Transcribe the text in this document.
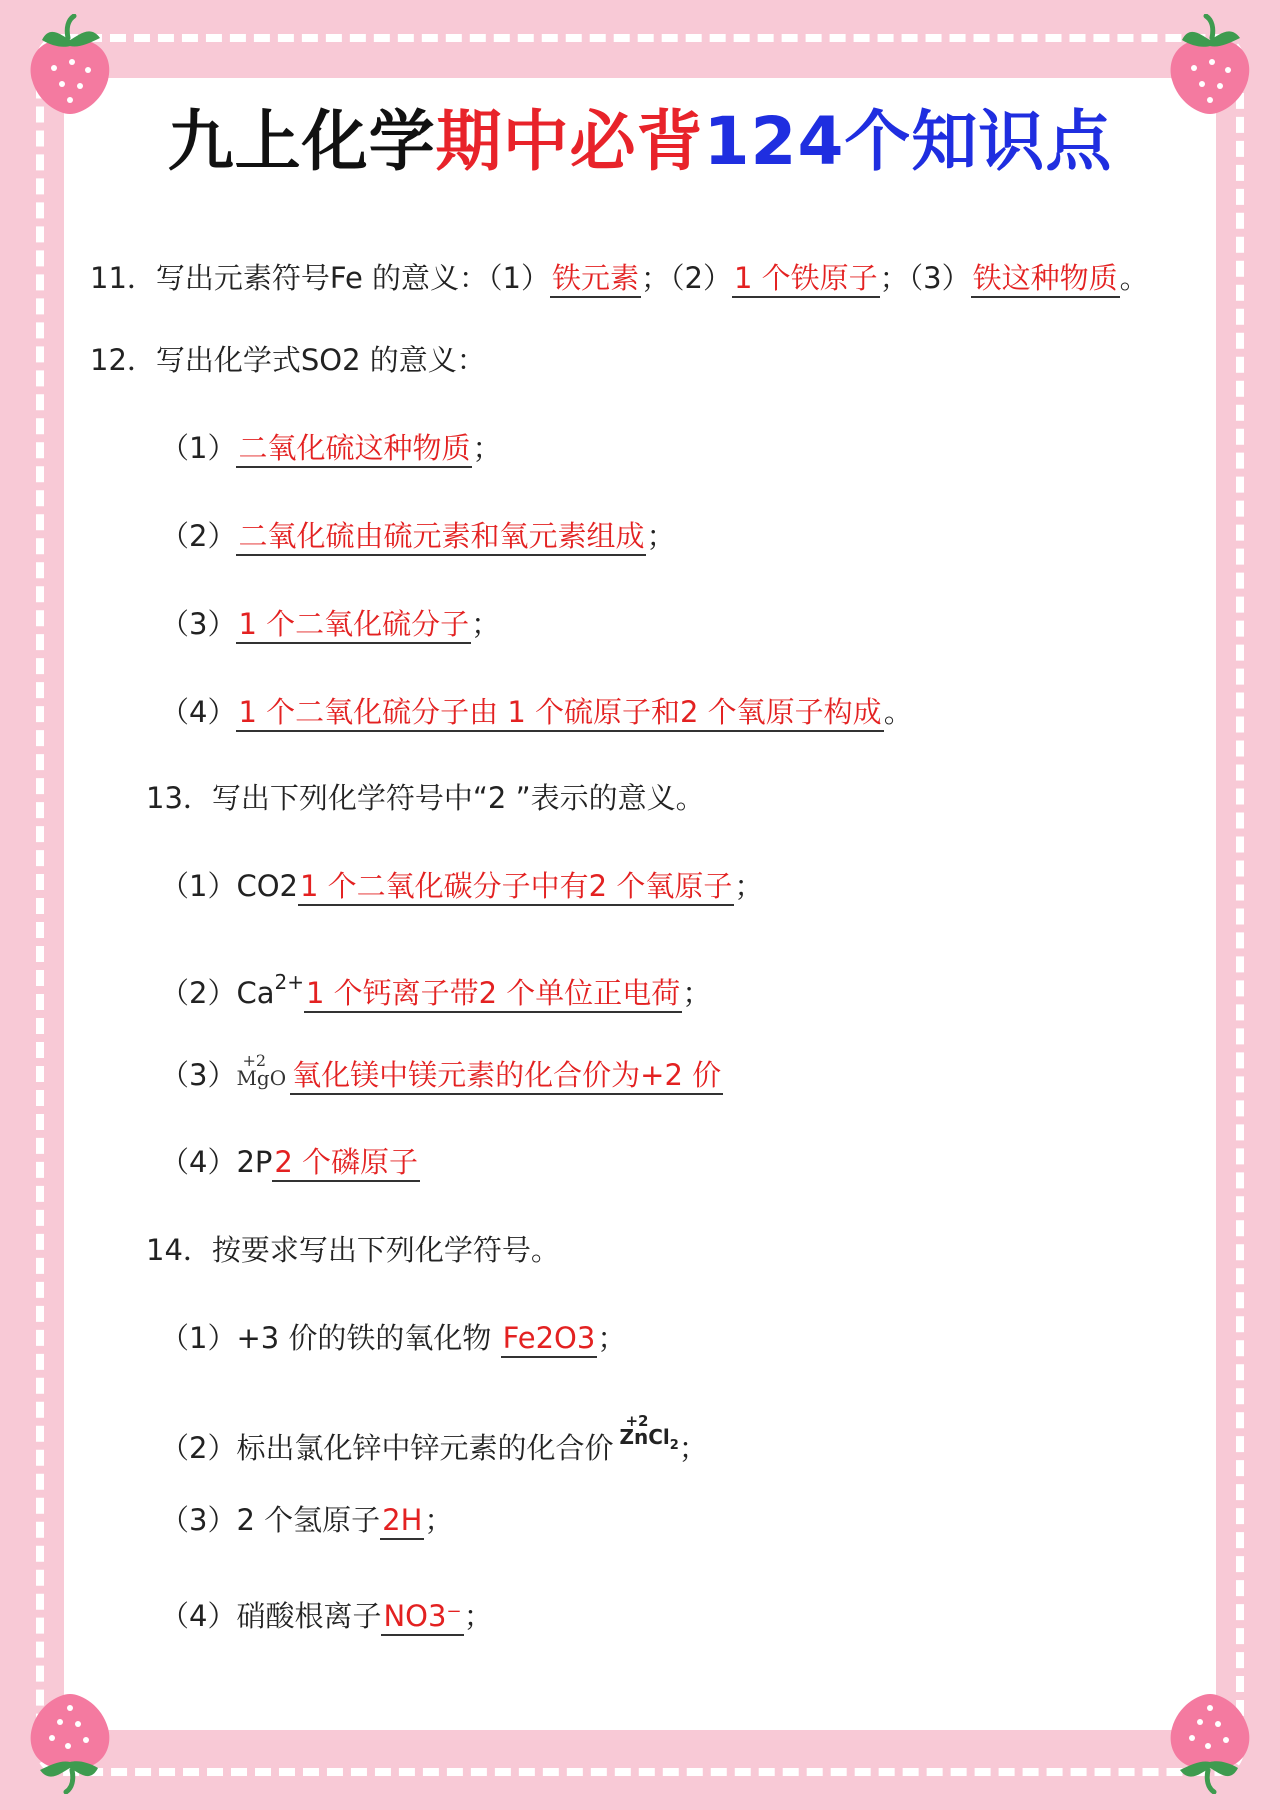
九上化学期中必背124个知识点
11．写出元素符号Fe 的意义：（1）铁元素；（2）1 个铁原子；（3）铁这种物质。
12．写出化学式SO2 的意义：
（1）二氧化硫这种物质；
（2）二氧化硫由硫元素和氧元素组成；
（3）1 个二氧化硫分子；
（4）1 个二氧化硫分子由 1 个硫原子和2 个氧原子构成。
13．写出下列化学符号中“2 ”表示的意义。
（1）CO21 个二氧化碳分子中有2 个氧原子；
$(2)Ca^{2+}1$ 个钙离子带2 个单位正电荷；
（3） +2
MgO 氧化镁中镁元素的化合价为+2 价
（4）2P2 个磷原子
14．按要求写出下列化学符号。
（1）+3 价的铁的氧化物 Fe2O3；
（2）标出氯化锌中锌元素的化合价
+2
ZnCl$_2$；
（3）2 个氢原子2H；
（4）硝酸根离子NO3⁻；
